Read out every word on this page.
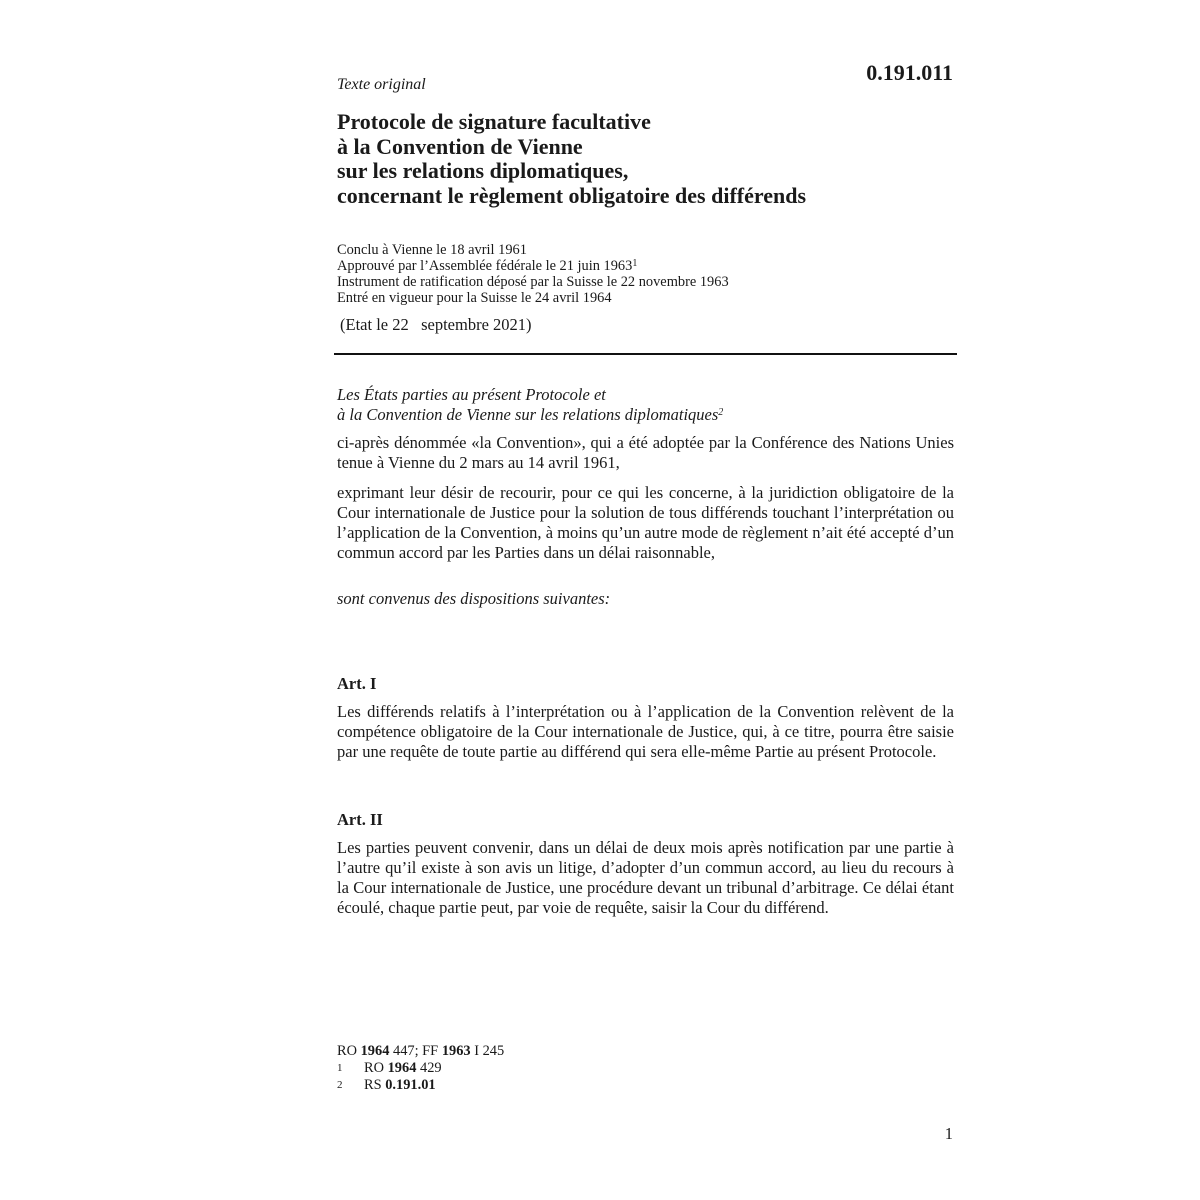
Texte original	0.191.011
Protocole de signature facultative
à la Convention de Vienne
sur les relations diplomatiques,
concernant le règlement obligatoire des différends
Conclu à Vienne le 18 avril 1961
Approuvé par l’Assemblée fédérale le 21 juin 1963$^1$
Instrument de ratification déposé par la Suisse le 22 novembre 1963
Entré en vigueur pour la Suisse le 24 avril 1964
(Etat le 22   septembre 2021)
Les États parties au présent Protocole et
à la Convention de Vienne sur les relations diplomatiques$^2$
ci-après dénommée «la Convention», qui a été adoptée par la Conférence des Nations Unies tenue à Vienne du 2 mars au 14 avril 1961,
exprimant leur désir de recourir, pour ce qui les concerne, à la juridiction obligatoire de la Cour internationale de Justice pour la solution de tous différends touchant l’interprétation ou l’application de la Convention, à moins qu’un autre mode de règlement n’ait été accepté d’un commun accord par les Parties dans un délai raisonnable,
sont convenus des dispositions suivantes:
Art. I
Les différends relatifs à l’interprétation ou à l’application de la Convention relèvent de la compétence obligatoire de la Cour internationale de Justice, qui, à ce titre, pourra être saisie par une requête de toute partie au différend qui sera elle-même Partie au présent Protocole.
Art. II
Les parties peuvent convenir, dans un délai de deux mois après notification par une partie à l’autre qu’il existe à son avis un litige, d’adopter d’un commun accord, au lieu du recours à la Cour internationale de Justice, une procédure devant un tribunal d’arbitrage. Ce délai étant écoulé, chaque partie peut, par voie de requête, saisir la Cour du différend.
RO 1964 447; FF 1963 I 245
1 RO 1964 429
2 RS 0.191.01
1
